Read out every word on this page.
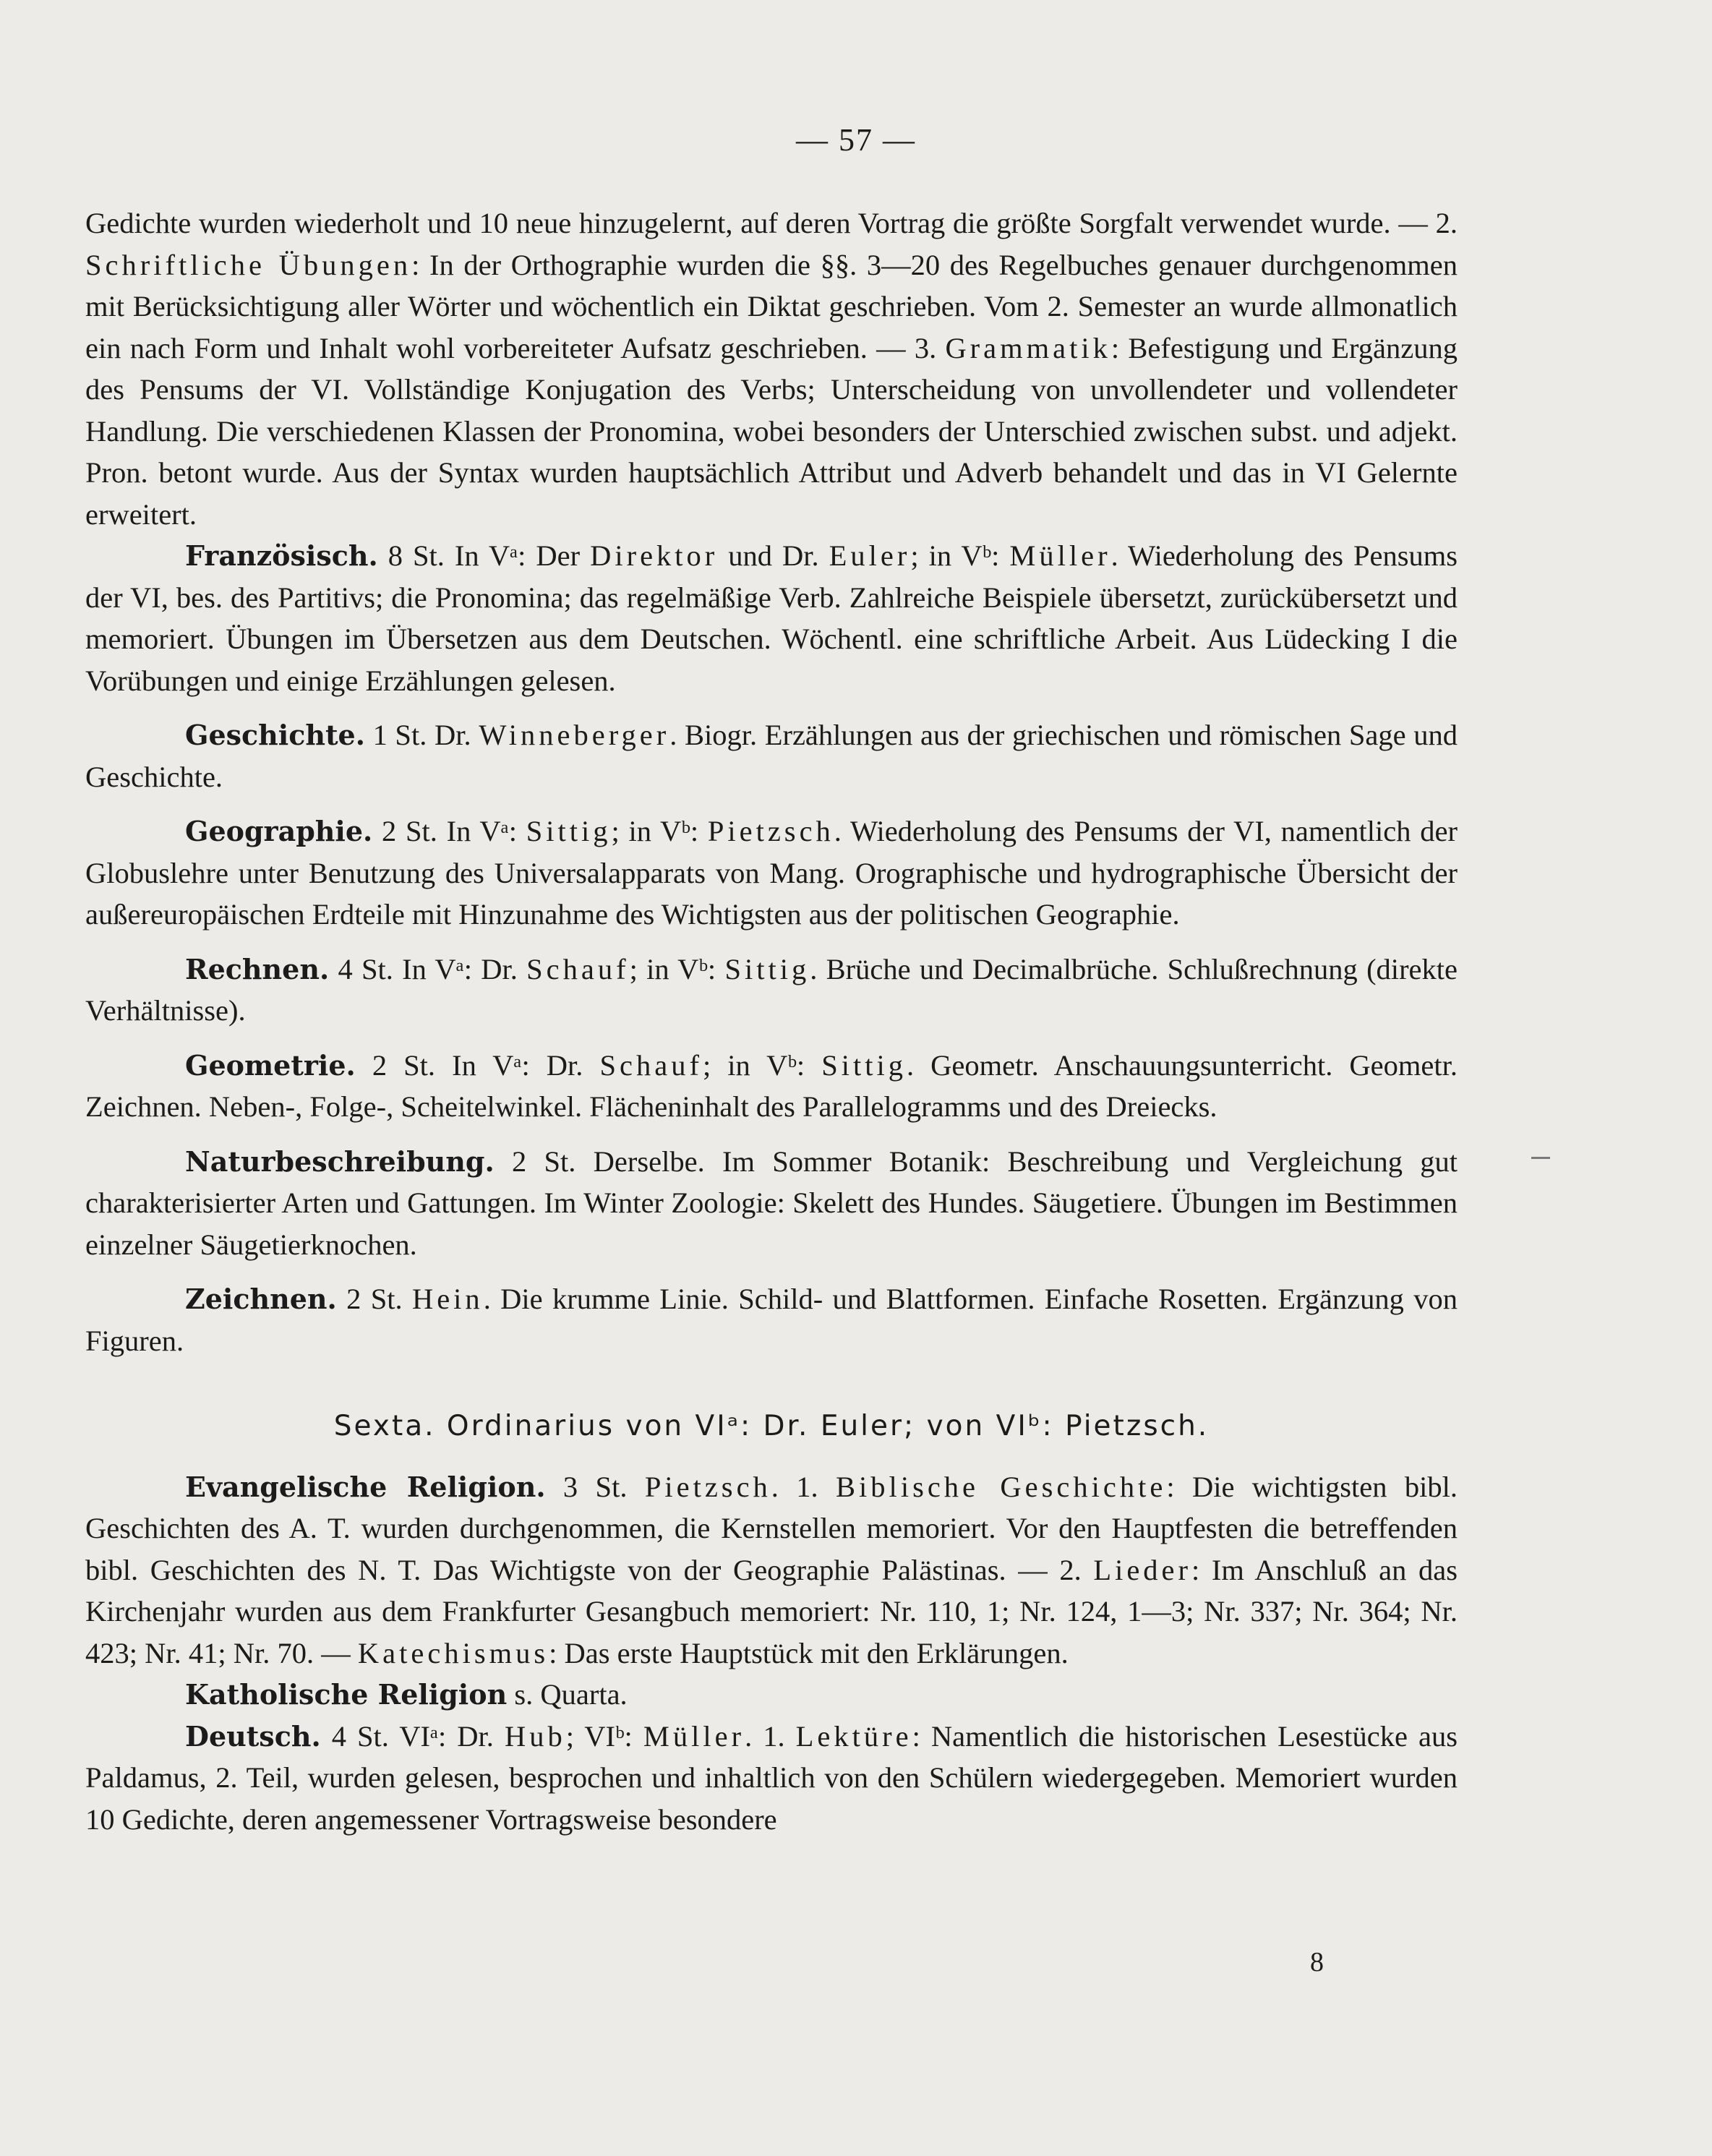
— 57 —

Gedichte wurden wiederholt und 10 neue hinzugelernt, auf deren Vortrag die größte Sorgfalt verwendet wurde. — 2. Schriftliche Übungen: In der Orthographie wurden die §§. 3—20 des Regelbuches genauer durchgenommen mit Berücksichtigung aller Wörter und wöchentlich ein Diktat geschrieben. Vom 2. Semester an wurde allmonatlich ein nach Form und Inhalt wohl vorbereiteter Aufsatz geschrieben. — 3. Grammatik: Befestigung und Ergänzung des Pensums der VI. Vollständige Konjugation des Verbs; Unterscheidung von unvollendeter und vollendeter Handlung. Die verschiedenen Klassen der Pronomina, wobei besonders der Unterschied zwischen subst. und adjekt. Pron. betont wurde. Aus der Syntax wurden hauptsächlich Attribut und Adverb behandelt und das in VI Gelernte erweitert.

Französisch. 8 St. In Vᵃ: Der Direktor und Dr. Euler; in Vᵇ: Müller. Wiederholung des Pensums der VI, bes. des Partitivs; die Pronomina; das regelmäßige Verb. Zahlreiche Beispiele übersetzt, zurückübersetzt und memoriert. Übungen im Übersetzen aus dem Deutschen. Wöchentl. eine schriftliche Arbeit. Aus Lüdecking I die Vorübungen und einige Erzählungen gelesen.

Geschichte. 1 St. Dr. Winneberger. Biogr. Erzählungen aus der griechischen und römischen Sage und Geschichte.

Geographie. 2 St. In Vᵃ: Sittig; in Vᵇ: Pietzsch. Wiederholung des Pensums der VI, namentlich der Globuslehre unter Benutzung des Universalapparats von Mang. Orographische und hydrographische Übersicht der außereuropäischen Erdteile mit Hinzunahme des Wichtigsten aus der politischen Geographie.

Rechnen. 4 St. In Vᵃ: Dr. Schauf; in Vᵇ: Sittig. Brüche und Decimalbrüche. Schlußrechnung (direkte Verhältnisse).

Geometrie. 2 St. In Vᵃ: Dr. Schauf; in Vᵇ: Sittig. Geometr. Anschauungsunterricht. Geometr. Zeichnen. Neben-, Folge-, Scheitelwinkel. Flächeninhalt des Parallelogramms und des Dreiecks.

Naturbeschreibung. 2 St. Derselbe. Im Sommer Botanik: Beschreibung und Vergleichung gut charakterisierter Arten und Gattungen. Im Winter Zoologie: Skelett des Hundes. Säugetiere. Übungen im Bestimmen einzelner Säugetierknochen.

Zeichnen. 2 St. Hein. Die krumme Linie. Schild- und Blattformen. Einfache Rosetten. Ergänzung von Figuren.

Sexta. Ordinarius von VIᵃ: Dr. Euler; von VIᵇ: Pietzsch.

Evangelische Religion. 3 St. Pietzsch. 1. Biblische Geschichte: Die wichtigsten bibl. Geschichten des A. T. wurden durchgenommen, die Kernstellen memoriert. Vor den Hauptfesten die betreffenden bibl. Geschichten des N. T. Das Wichtigste von der Geographie Palästinas. — 2. Lieder: Im Anschluß an das Kirchenjahr wurden aus dem Frankfurter Gesangbuch memoriert: Nr. 110, 1; Nr. 124, 1—3; Nr. 337; Nr. 364; Nr. 423; Nr. 41; Nr. 70. — Katechismus: Das erste Hauptstück mit den Erklärungen.

Katholische Religion s. Quarta.

Deutsch. 4 St. VIᵃ: Dr. Hub; VIᵇ: Müller. 1. Lektüre: Namentlich die historischen Lesestücke aus Paldamus, 2. Teil, wurden gelesen, besprochen und inhaltlich von den Schülern wiedergegeben. Memoriert wurden 10 Gedichte, deren angemessener Vortragsweise besondere

8
